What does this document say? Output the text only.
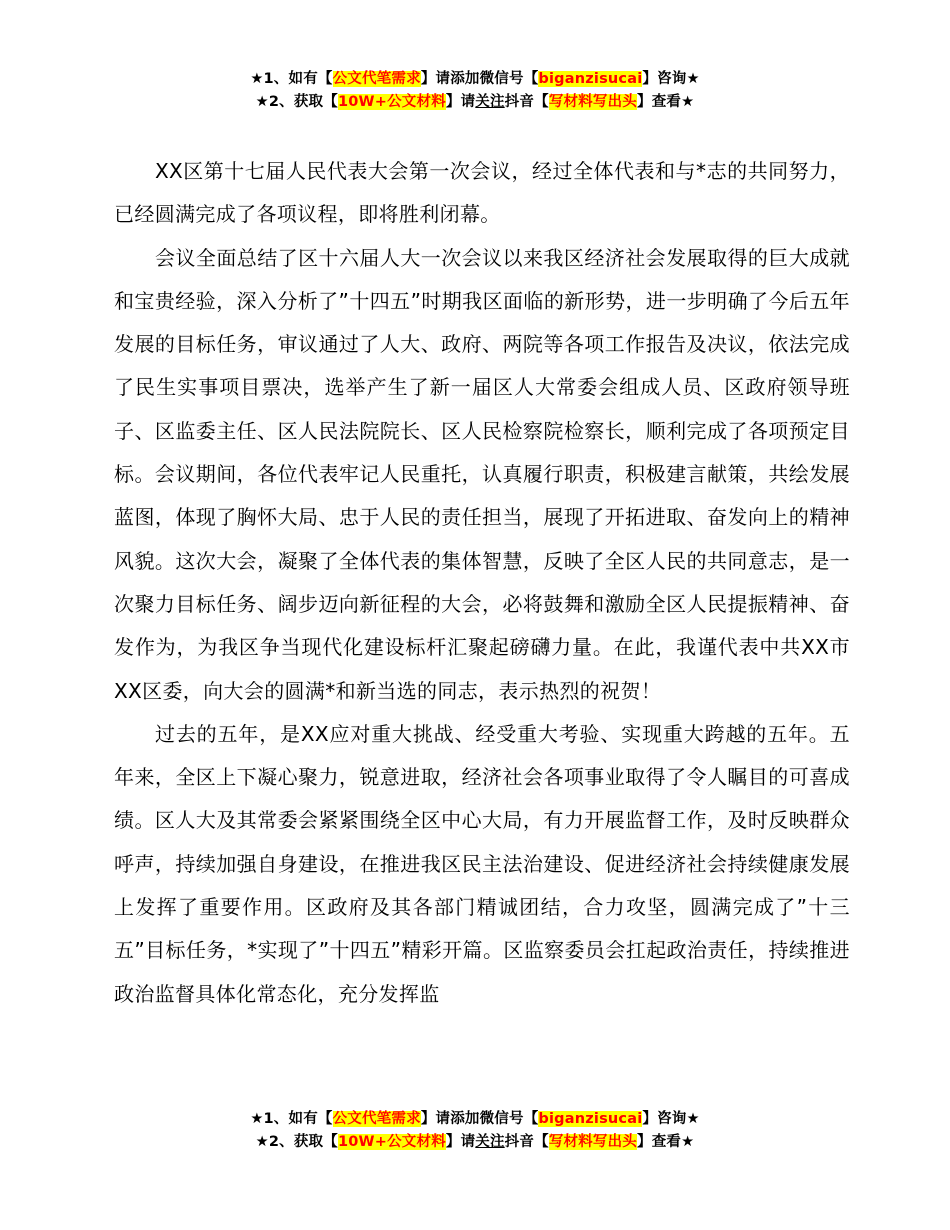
★1、如有【公文代笔需求】请添加微信号【biganzisucai】咨询★
★2、获取【10W+公文材料】请关注抖音【写材料写出头】查看★

XX区第十七届人民代表大会第一次会议，经过全体代表和与*志的共同努力，已经圆满完成了各项议程，即将胜利闭幕。

会议全面总结了区十六届人大一次会议以来我区经济社会发展取得的巨大成就和宝贵经验，深入分析了”十四五”时期我区面临的新形势，进一步明确了今后五年发展的目标任务，审议通过了人大、政府、两院等各项工作报告及决议，依法完成了民生实事项目票决，选举产生了新一届区人大常委会组成人员、区政府领导班子、区监委主任、区人民法院院长、区人民检察院检察长，顺利完成了各项预定目标。会议期间，各位代表牢记人民重托，认真履行职责，积极建言献策，共绘发展蓝图，体现了胸怀大局、忠于人民的责任担当，展现了开拓进取、奋发向上的精神风貌。这次大会，凝聚了全体代表的集体智慧，反映了全区人民的共同意志，是一次聚力目标任务、阔步迈向新征程的大会，必将鼓舞和激励全区人民提振精神、奋发作为，为我区争当现代化建设标杆汇聚起磅礴力量。在此，我谨代表中共XX市XX区委，向大会的圆满*和新当选的同志，表示热烈的祝贺！

过去的五年，是XX应对重大挑战、经受重大考验、实现重大跨越的五年。五年来，全区上下凝心聚力，锐意进取，经济社会各项事业取得了令人瞩目的可喜成绩。区人大及其常委会紧紧围绕全区中心大局，有力开展监督工作，及时反映群众呼声，持续加强自身建设，在推进我区民主法治建设、促进经济社会持续健康发展上发挥了重要作用。区政府及其各部门精诚团结，合力攻坚，圆满完成了”十三五”目标任务，*实现了”十四五”精彩开篇。区监察委员会扛起政治责任，持续推进政治监督具体化常态化，充分发挥监

★1、如有【公文代笔需求】请添加微信号【biganzisucai】咨询★
★2、获取【10W+公文材料】请关注抖音【写材料写出头】查看★
